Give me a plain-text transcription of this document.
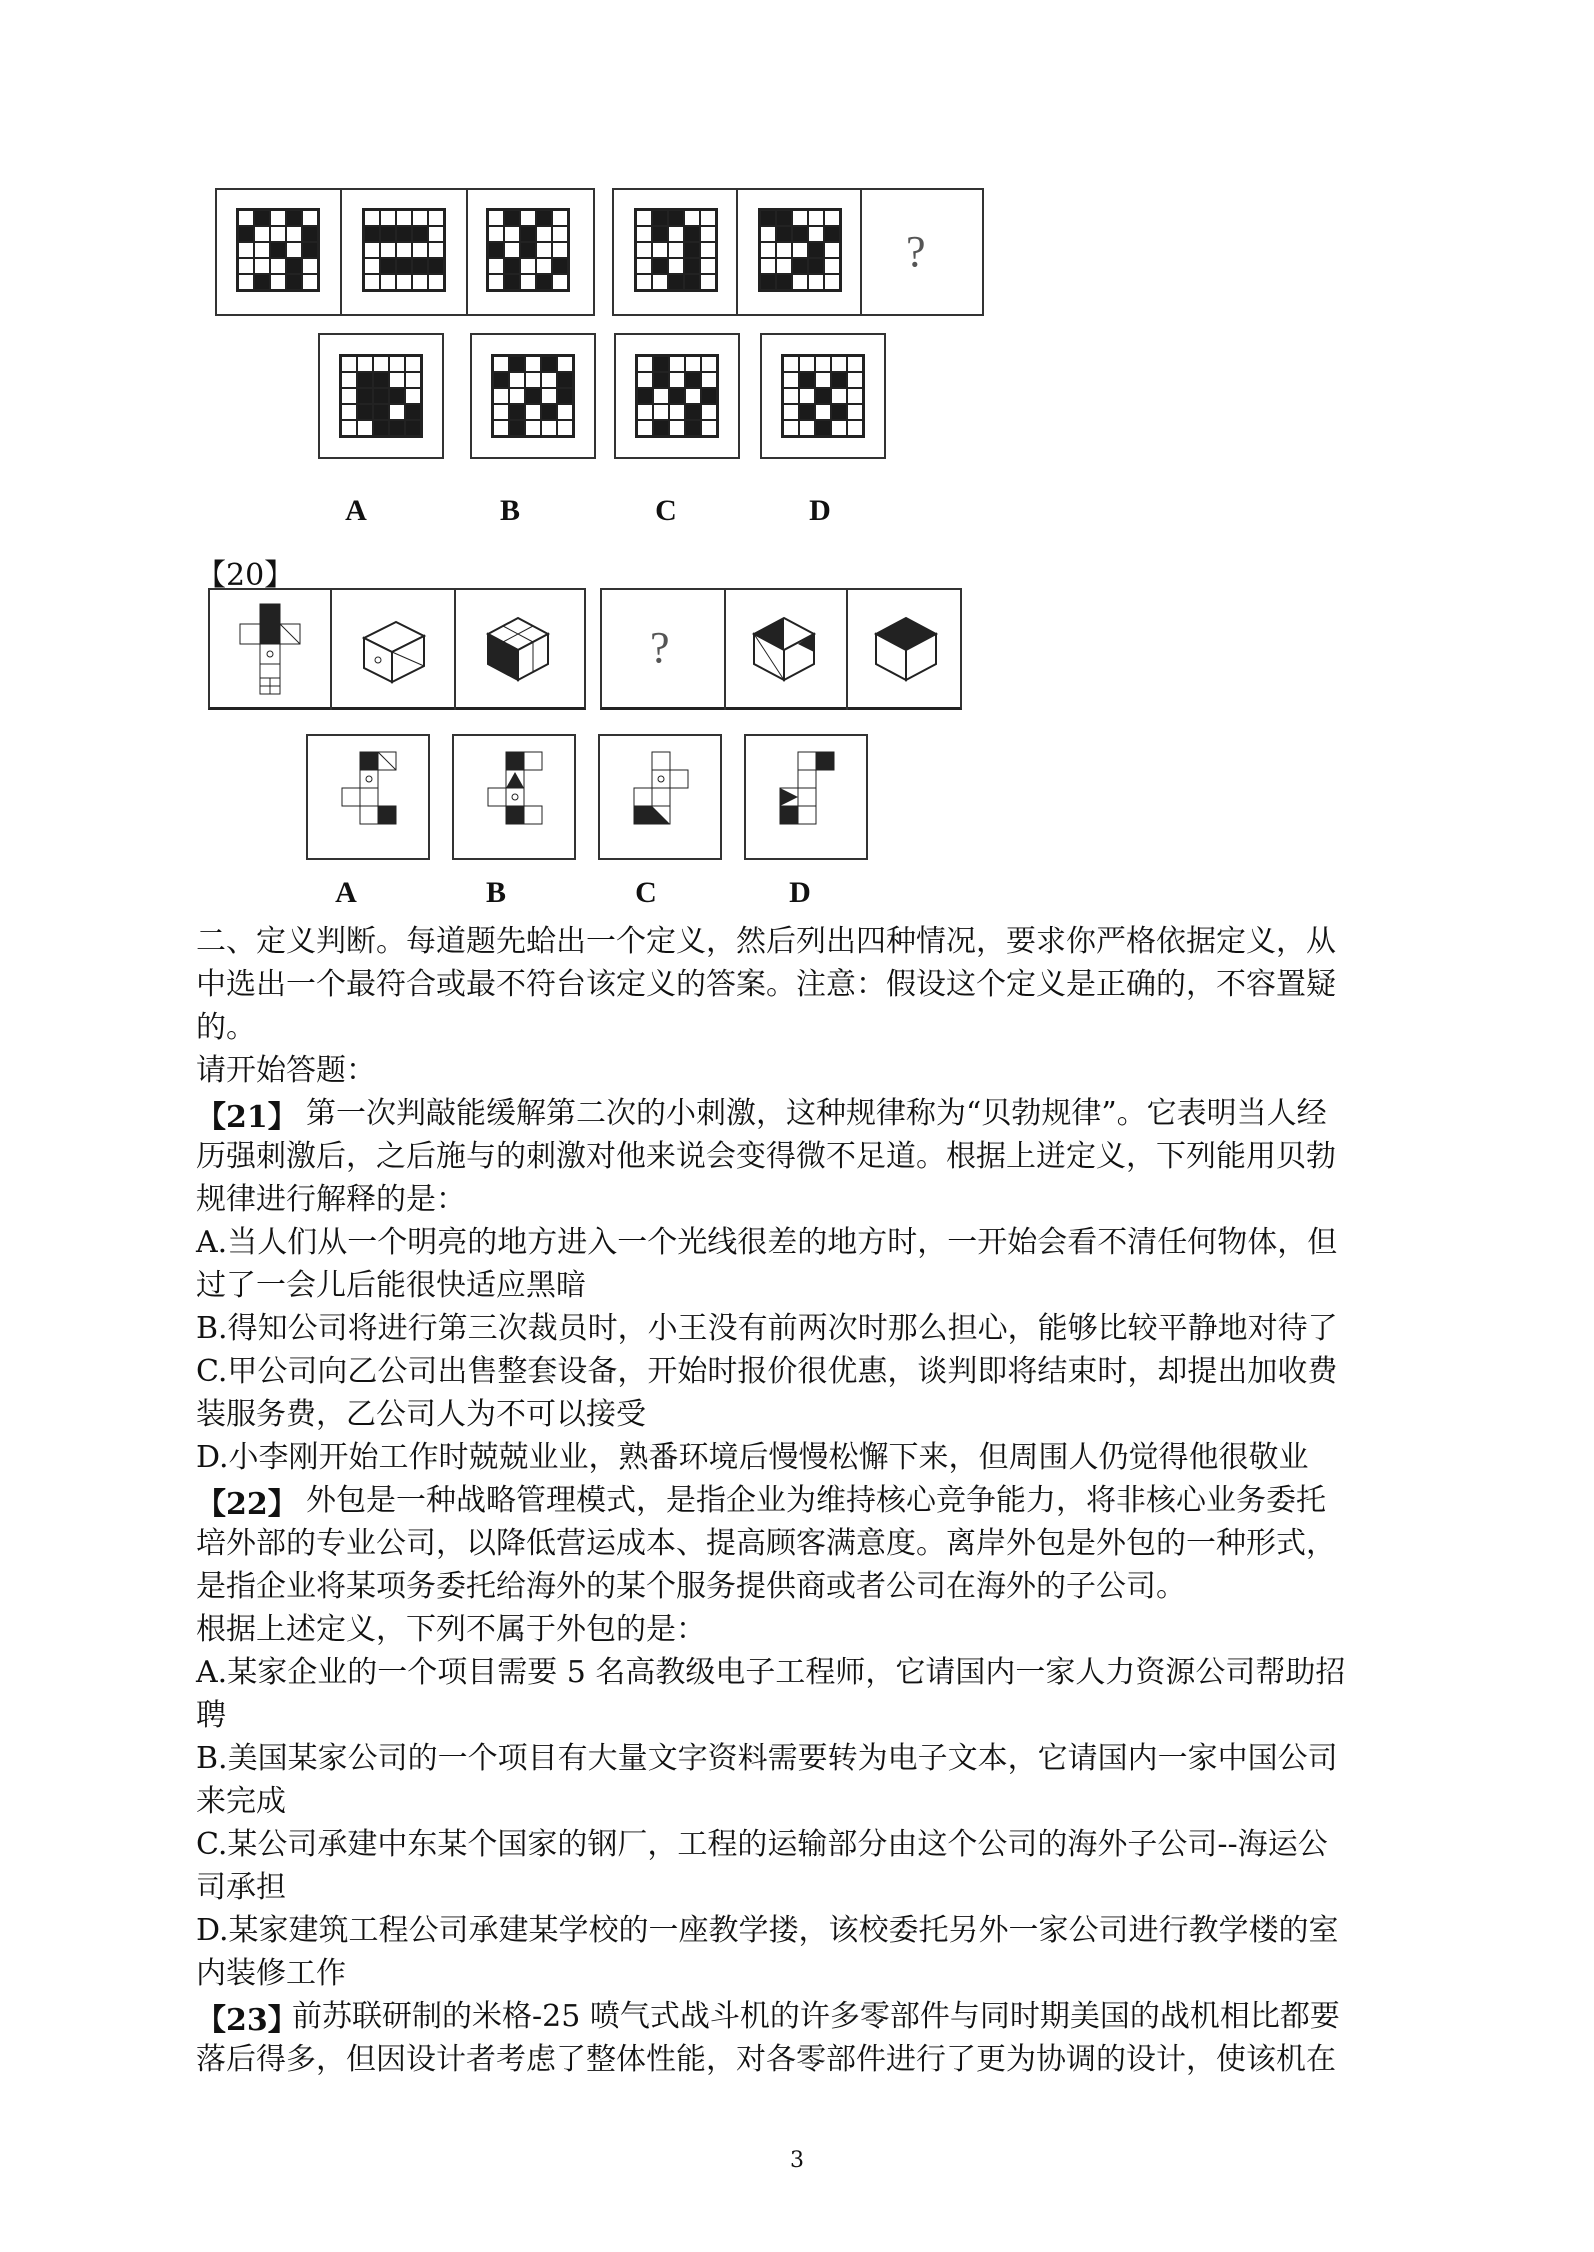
?
A	B	C	D
【20】
?
A	B	C	D
二、定义判断。每道题先蛤出一个定义，然后列出四种情况，要求你严格依据定义，从
中选出一个最符合或最不符台该定义的答案。注意：假设这个定义是正确的，不容置疑
的。
请开始答题：
【21】 第一次判敲能缓解第二次的小刺激，这种规律称为“贝勃规律”。它表明当人经
历强刺激后，之后施与的刺激对他来说会变得微不足道。根据上迸定义，下列能用贝勃
规律进行解释的是：
A.当人们从一个明亮的地方进入一个光线很差的地方时，一开始会看不清任何物体，但
过了一会儿后能很快适应黑暗
B.得知公司将进行第三次裁员时，小王没有前两次时那么担心，能够比较平静地对待了
C.甲公司向乙公司出售整套设备，开始时报价很优惠，谈判即将结束时，却提出加收费
装服务费，乙公司人为不可以接受
D.小李刚开始工作时兢兢业业，熟番环境后慢慢松懈下来，但周围人仍觉得他很敬业
【22】 外包是一种战略管理模式，是指企业为维持核心竞争能力，将非核心业务委托
培外部的专业公司，以降低营运成本、提高顾客满意度。离岸外包是外包的一种形式，
是指企业将某项务委托给海外的某个服务提供商或者公司在海外的子公司。
根据上述定义，下列不属于外包的是：
A.某家企业的一个项目需要 5 名高教级电子工程师，它请国内一家人力资源公司帮助招
聘
B.美国某家公司的一个项目有大量文字资料需要转为电子文本，它请国内一家中国公司
来完成
C.某公司承建中东某个国家的钢厂，工程的运输部分由这个公司的海外子公司--海运公
司承担
D.某家建筑工程公司承建某学校的一座教学搂，该校委托另外一家公司进行教学楼的室
内装修工作
【23】
前苏联研制的米格-25 喷气式战斗机的许多零部件与同时期美国的战机相比都要
落后得多，但因设计者考虑了整体性能，对各零部件进行了更为协调的设计，使该机在
3
